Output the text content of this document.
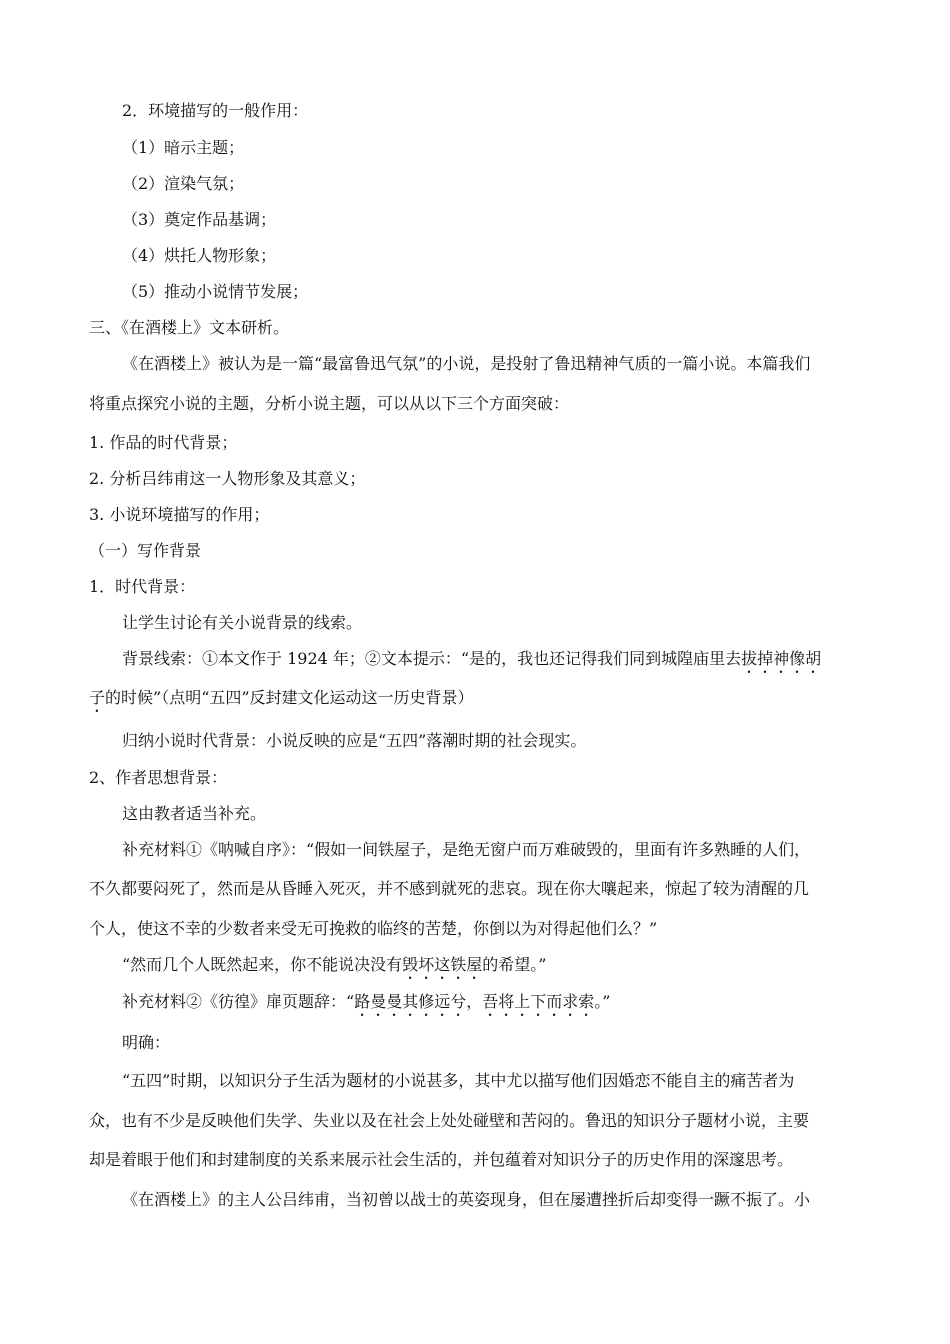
2．环境描写的一般作用：
（1）暗示主题；
（2）渲染气氛；
（3）奠定作品基调；
（4）烘托人物形象；
（5）推动小说情节发展；
三、《在酒楼上》文本研析。
《在酒楼上》被认为是一篇“最富鲁迅气氛”的小说，是投射了鲁迅精神气质的一篇小说。本篇我们
将重点探究小说的主题，分析小说主题，可以从以下三个方面突破：
1. 作品的时代背景；
2. 分析吕纬甫这一人物形象及其意义；
3. 小说环境描写的作用；
（一）写作背景
1．时代背景：
让学生讨论有关小说背景的线索。
背景线索：①本文作于 1924 年；②文本提示：“是的，我也还记得我们同到城隍庙里去拔掉神像胡
子的时候”（点明“五四”反封建文化运动这一历史背景）
归纳小说时代背景：小说反映的应是“五四”落潮时期的社会现实。
2、作者思想背景：
这由教者适当补充。
补充材料①《呐喊自序》：“假如一间铁屋子，是绝无窗户而万难破毁的，里面有许多熟睡的人们，
不久都要闷死了，然而是从昏睡入死灭，并不感到就死的悲哀。现在你大嚷起来，惊起了较为清醒的几
个人，使这不幸的少数者来受无可挽救的临终的苦楚，你倒以为对得起他们么？”
“然而几个人既然起来，你不能说决没有毁坏这铁屋的希望。”
补充材料②《彷徨》扉页题辞：“路曼曼其修远兮，吾将上下而求索。”
明确：
“五四”时期，以知识分子生活为题材的小说甚多，其中尤以描写他们因婚恋不能自主的痛苦者为
众，也有不少是反映他们失学、失业以及在社会上处处碰壁和苦闷的。鲁迅的知识分子题材小说，主要
却是着眼于他们和封建制度的关系来展示社会生活的，并包蕴着对知识分子的历史作用的深邃思考。
《在酒楼上》的主人公吕纬甫，当初曾以战士的英姿现身，但在屡遭挫折后却变得一蹶不振了。小
